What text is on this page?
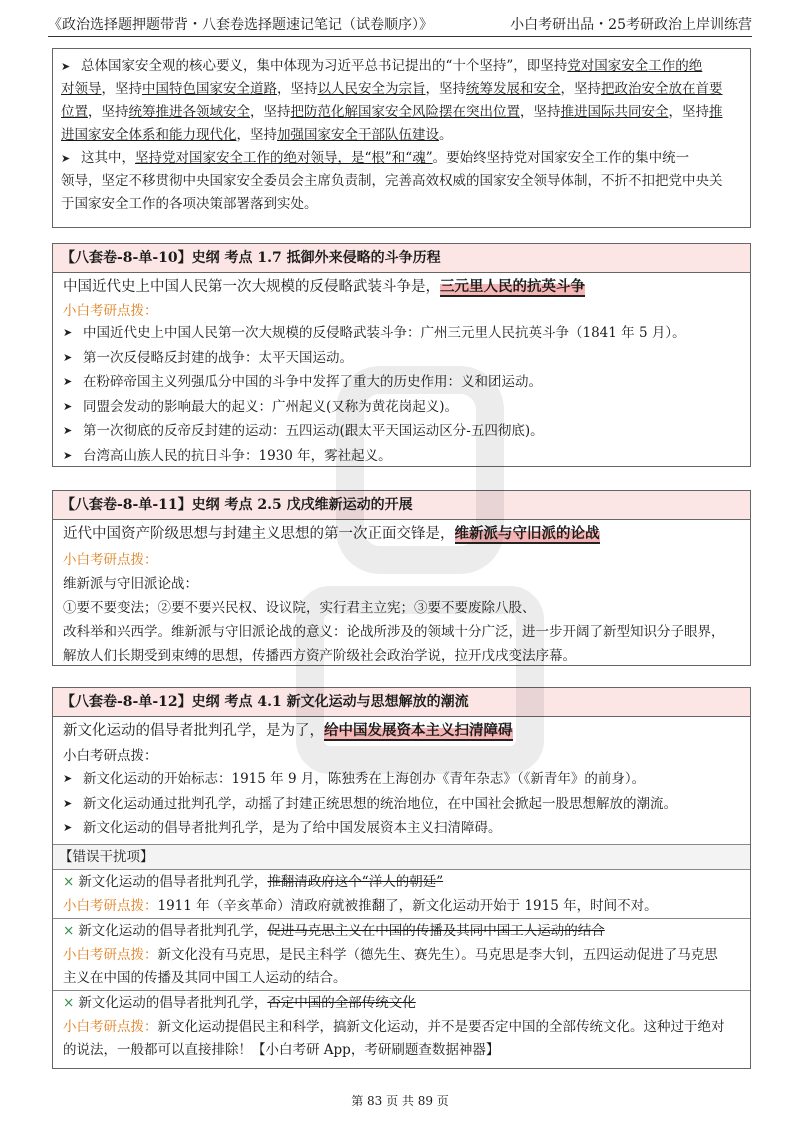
《政治选择题押题带背・八套卷选择题速记笔记（试卷顺序）》	小白考研出品・25考研政治上岸训练营
➤ 总体国家安全观的核心要义，集中体现为习近平总书记提出的“十个坚持”，即坚持党对国家安全工作的绝
对领导，坚持中国特色国家安全道路，坚持以人民安全为宗旨，坚持统筹发展和安全，坚持把政治安全放在首要
位置，坚持统筹推进各领域安全，坚持把防范化解国家安全风险摆在突出位置，坚持推进国际共同安全，坚持推
进国家安全体系和能力现代化，坚持加强国家安全干部队伍建设。
➤ 这其中，坚持党对国家安全工作的绝对领导，是“根”和“魂”。要始终坚持党对国家安全工作的集中统一
领导，坚定不移贯彻中央国家安全委员会主席负责制，完善高效权威的国家安全领导体制，不折不扣把党中央关
于国家安全工作的各项决策部署落到实处。
【八套卷-8-单-10】史纲 考点 1.7 抵御外来侵略的斗争历程
中国近代史上中国人民第一次大规模的反侵略武装斗争是，三元里人民的抗英斗争
小白考研点拨：
➤ 中国近代史上中国人民第一次大规模的反侵略武装斗争：广州三元里人民抗英斗争（1841 年 5 月）。
➤ 第一次反侵略反封建的战争：太平天国运动。
➤ 在粉碎帝国主义列强瓜分中国的斗争中发挥了重大的历史作用：义和团运动。
➤ 同盟会发动的影响最大的起义：广州起义(又称为黄花岗起义)。
➤ 第一次彻底的反帝反封建的运动：五四运动(跟太平天国运动区分-五四彻底)。
➤ 台湾高山族人民的抗日斗争：1930 年，雾社起义。
【八套卷-8-单-11】史纲 考点 2.5 戊戌维新运动的开展
近代中国资产阶级思想与封建主义思想的第一次正面交锋是，维新派与守旧派的论战
小白考研点拨：
维新派与守旧派论战：
①要不要变法；②要不要兴民权、设议院，实行君主立宪；③要不要废除八股、
改科举和兴西学。维新派与守旧派论战的意义：论战所涉及的领域十分广泛，进一步开阔了新型知识分子眼界，
解放人们长期受到束缚的思想，传播西方资产阶级社会政治学说，拉开戊戌变法序幕。
【八套卷-8-单-12】史纲 考点 4.1 新文化运动与思想解放的潮流
新文化运动的倡导者批判孔学，是为了，给中国发展资本主义扫清障碍
小白考研点拨：
➤ 新文化运动的开始标志：1915 年 9 月，陈独秀在上海创办《青年杂志》（《新青年》的前身）。
➤ 新文化运动通过批判孔学，动摇了封建正统思想的统治地位，在中国社会掀起一股思想解放的潮流。
➤ 新文化运动的倡导者批判孔学，是为了给中国发展资本主义扫清障碍。
【错误干扰项】
× 新文化运动的倡导者批判孔学，推翻清政府这个“洋人的朝廷”
小白考研点拨：1911 年（辛亥革命）清政府就被推翻了，新文化运动开始于 1915 年，时间不对。
× 新文化运动的倡导者批判孔学，促进马克思主义在中国的传播及其同中国工人运动的结合
小白考研点拨：新文化没有马克思，是民主科学（德先生、赛先生）。马克思是李大钊，五四运动促进了马克思
主义在中国的传播及其同中国工人运动的结合。
× 新文化运动的倡导者批判孔学，否定中国的全部传统文化
小白考研点拨：新文化运动提倡民主和科学，搞新文化运动，并不是要否定中国的全部传统文化。这种过于绝对
的说法，一般都可以直接排除！【小白考研 App，考研刷题查数据神器】
第 83 页 共 89 页
